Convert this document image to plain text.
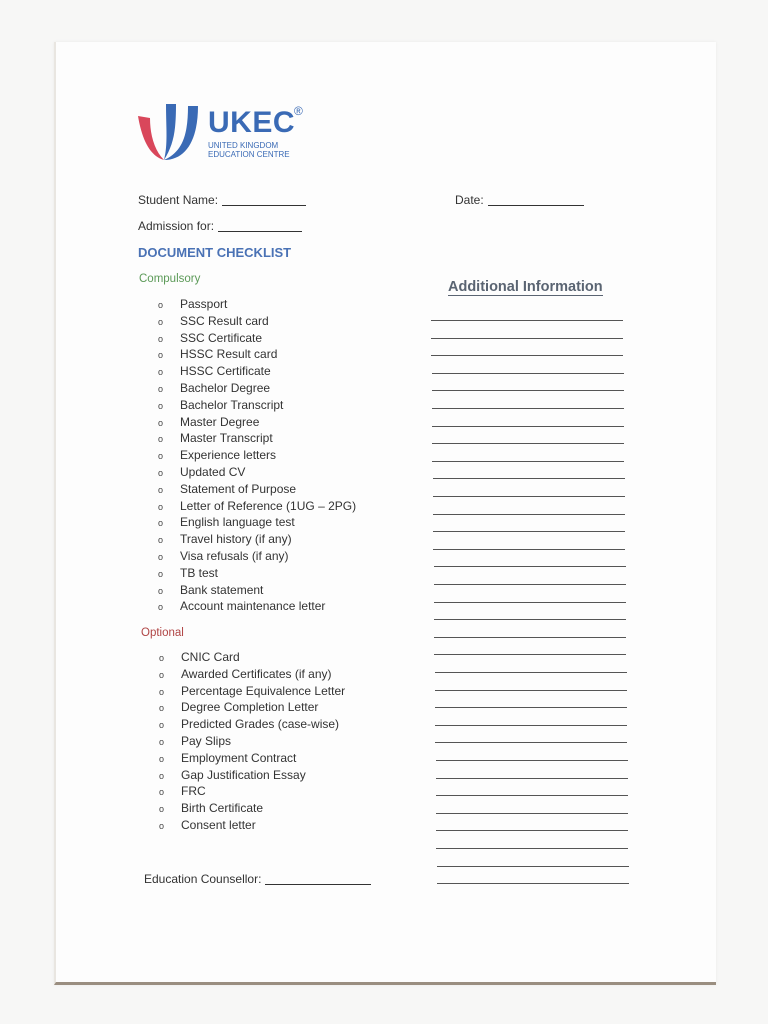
UKEC
®
UNITED KINGDOM EDUCATION CENTRE
Student Name:	Date:
Admission for:
DOCUMENT CHECKLIST
Compulsory
o Passport
o SSC Result card
o SSC Certificate
o HSSC Result card
o HSSC Certificate
o Bachelor Degree
o Bachelor Transcript
o Master Degree
o Master Transcript
o Experience letters
o Updated CV
o Statement of Purpose
o Letter of Reference (1UG – 2PG)
o English language test
o Travel history (if any)
o Visa refusals (if any)
o TB test
o Bank statement
o Account maintenance letter
Optional
o CNIC Card
o Awarded Certificates (if any)
o Percentage Equivalence Letter
o Degree Completion Letter
o Predicted Grades (case-wise)
o Pay Slips
o Employment Contract
o Gap Justification Essay
o FRC
o Birth Certificate
o Consent letter
Education Counsellor:
Additional Information
